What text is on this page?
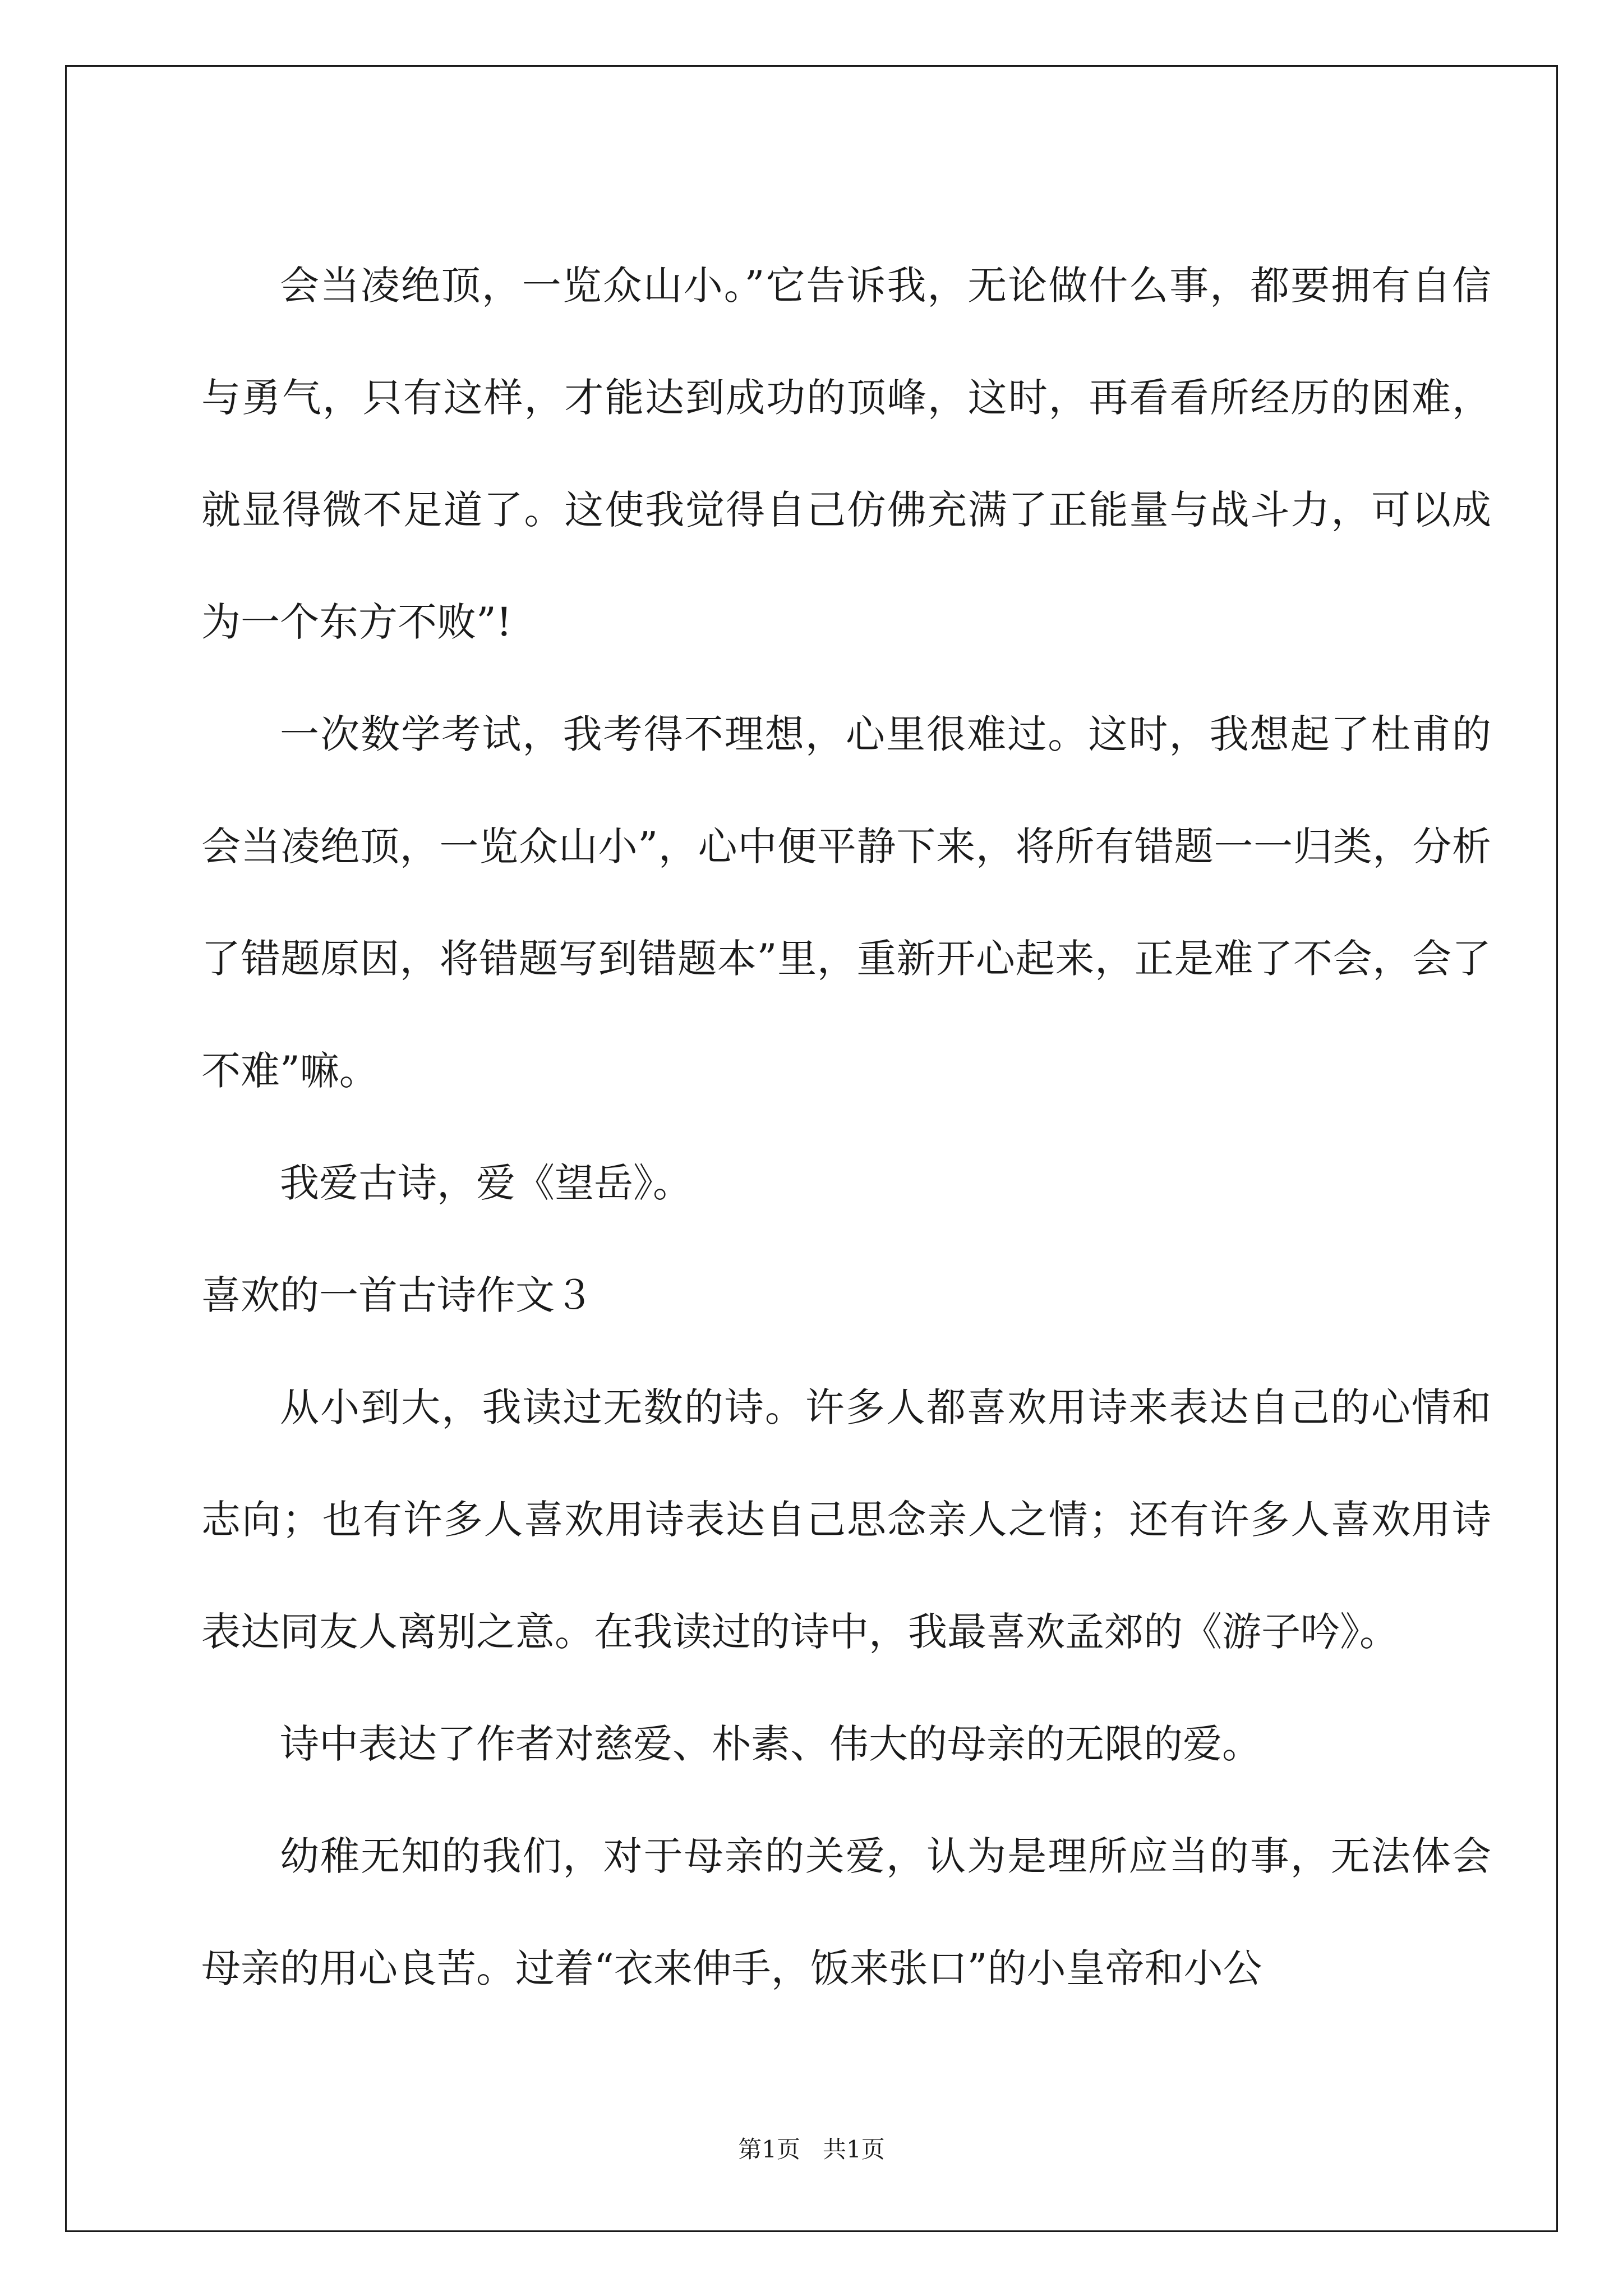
会当凌绝顶，一览众山小。”它告诉我，无论做什么事，都要拥有自信与勇气，只有这样，才能达到成功的顶峰，这时，再看看所经历的困难，就显得微不足道了。这使我觉得自己仿佛充满了正能量与战斗力，可以成为一个东方不败”!

一次数学考试，我考得不理想，心里很难过。这时，我想起了杜甫的会当凌绝顶，一览众山小”，心中便平静下来，将所有错题一一归类，分析了错题原因，将错题写到错题本”里，重新开心起来，正是难了不会，会了不难”嘛。

我爱古诗，爱《望岳》。

喜欢的一首古诗作文３

从小到大，我读过无数的诗。许多人都喜欢用诗来表达自己的心情和志向；也有许多人喜欢用诗表达自己思念亲人之情；还有许多人喜欢用诗表达同友人离别之意。在我读过的诗中，我最喜欢孟郊的《游子吟》。

诗中表达了作者对慈爱、朴素、伟大的母亲的无限的爱。

幼稚无知的我们，对于母亲的关爱，认为是理所应当的事，无法体会母亲的用心良苦。过着“衣来伸手，饭来张口”的小皇帝和小公

第1页 共1页
